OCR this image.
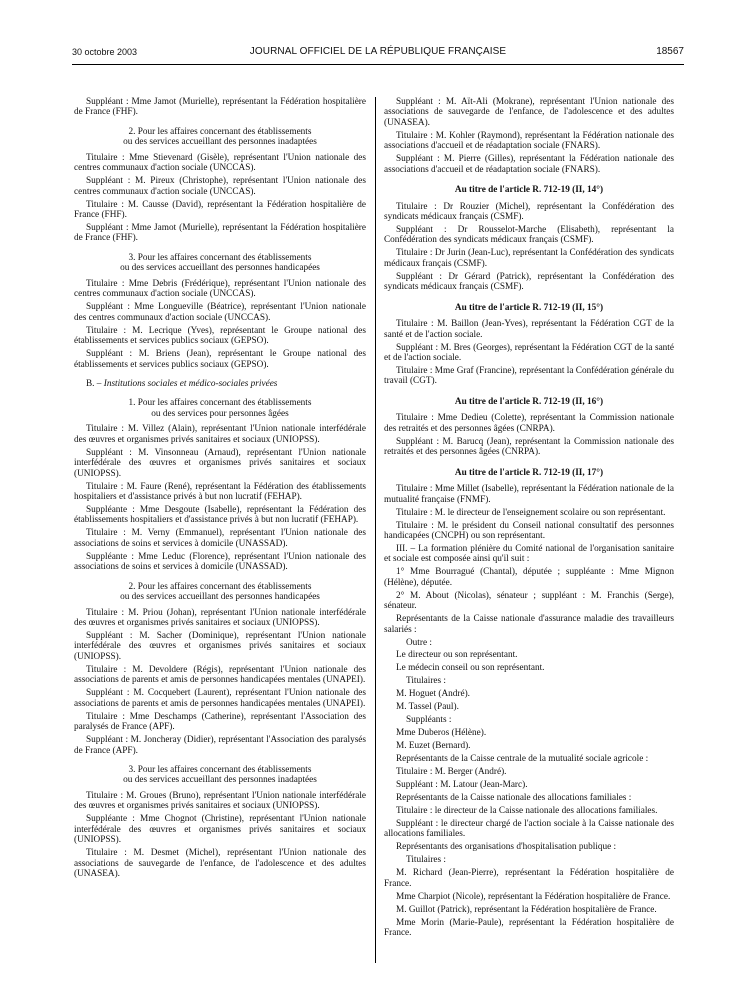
30 octobre 2003	JOURNAL OFFICIEL DE LA RÉPUBLIQUE FRANÇAISE	18567

Suppléant : Mme Jamot (Murielle), représentant la Fédération hospitalière de France (FHF).

2. Pour les affaires concernant des établissements
ou des services accueillant des personnes inadaptées

Titulaire : Mme Stievenard (Gisèle), représentant l'Union nationale des centres communaux d'action sociale (UNCCAS).

Suppléant : M. Pireux (Christophe), représentant l'Union nationale des centres communaux d'action sociale (UNCCAS).

Titulaire : M. Causse (David), représentant la Fédération hospitalière de France (FHF).

Suppléant : Mme Jamot (Murielle), représentant la Fédération hospitalière de France (FHF).

3. Pour les affaires concernant des établissements
ou des services accueillant des personnes handicapées

Titulaire : Mme Debris (Frédérique), représentant l'Union nationale des centres communaux d'action sociale (UNCCAS).

Suppléant : Mme Longueville (Béatrice), représentant l'Union nationale des centres communaux d'action sociale (UNCCAS).

Titulaire : M. Lecrique (Yves), représentant le Groupe national des établissements et services publics sociaux (GEPSO).

Suppléant : M. Briens (Jean), représentant le Groupe national des établissements et services publics sociaux (GEPSO).

B. – Institutions sociales et médico-sociales privées
1. Pour les affaires concernant des établissements
ou des services pour personnes âgées

Titulaire : M. Villez (Alain), représentant l'Union nationale interfédérale des œuvres et organismes privés sanitaires et sociaux (UNIOPSS).

Suppléant : M. Vinsonneau (Arnaud), représentant l'Union nationale interfédérale des œuvres et organismes privés sanitaires et sociaux (UNIOPSS).

Titulaire : M. Faure (René), représentant la Fédération des établissements hospitaliers et d'assistance privés à but non lucratif (FEHAP).

Suppléante : Mme Desgoute (Isabelle), représentant la Fédération des établissements hospitaliers et d'assistance privés à but non lucratif (FEHAP).

Titulaire : M. Verny (Emmanuel), représentant l'Union nationale des associations de soins et services à domicile (UNASSAD).

Suppléante : Mme Leduc (Florence), représentant l'Union nationale des associations de soins et services à domicile (UNASSAD).

2. Pour les affaires concernant des établissements
ou des services accueillant des personnes handicapées

Titulaire : M. Priou (Johan), représentant l'Union nationale interfédérale des œuvres et organismes privés sanitaires et sociaux (UNIOPSS).

Suppléant : M. Sacher (Dominique), représentant l'Union nationale interfédérale des œuvres et organismes privés sanitaires et sociaux (UNIOPSS).

Titulaire : M. Devoldere (Régis), représentant l'Union nationale des associations de parents et amis de personnes handicapées mentales (UNAPEI).

Suppléant : M. Cocquebert (Laurent), représentant l'Union nationale des associations de parents et amis de personnes handicapées mentales (UNAPEI).

Titulaire : Mme Deschamps (Catherine), représentant l'Association des paralysés de France (APF).

Suppléant : M. Joncheray (Didier), représentant l'Association des paralysés de France (APF).

3. Pour les affaires concernant des établissements
ou des services accueillant des personnes inadaptées

Titulaire : M. Groues (Bruno), représentant l'Union nationale interfédérale des œuvres et organismes privés sanitaires et sociaux (UNIOPSS).

Suppléante : Mme Chognot (Christine), représentant l'Union nationale interfédérale des œuvres et organismes privés sanitaires et sociaux (UNIOPSS).

Titulaire : M. Desmet (Michel), représentant l'Union nationale des associations de sauvegarde de l'enfance, de l'adolescence et des adultes (UNASEA).

Suppléant : M. Aït-Ali (Mokrane), représentant l'Union nationale des associations de sauvegarde de l'enfance, de l'adolescence et des adultes (UNASEA).

Titulaire : M. Kohler (Raymond), représentant la Fédération nationale des associations d'accueil et de réadaptation sociale (FNARS).

Suppléant : M. Pierre (Gilles), représentant la Fédération nationale des associations d'accueil et de réadaptation sociale (FNARS).

Au titre de l'article R. 712-19 (II, 14°)

Titulaire : Dr Rouzier (Michel), représentant la Confédération des syndicats médicaux français (CSMF).

Suppléant : Dr Rousselot-Marche (Elisabeth), représentant la Confédération des syndicats médicaux français (CSMF).

Titulaire : Dr Jurin (Jean-Luc), représentant la Confédération des syndicats médicaux français (CSMF).

Suppléant : Dr Gérard (Patrick), représentant la Confédération des syndicats médicaux français (CSMF).

Au titre de l'article R. 712-19 (II, 15°)

Titulaire : M. Baillon (Jean-Yves), représentant la Fédération CGT de la santé et de l'action sociale.

Suppléant : M. Bres (Georges), représentant la Fédération CGT de la santé et de l'action sociale.

Titulaire : Mme Graf (Francine), représentant la Confédération générale du travail (CGT).

Au titre de l'article R. 712-19 (II, 16°)

Titulaire : Mme Dedieu (Colette), représentant la Commission nationale des retraités et des personnes âgées (CNRPA).

Suppléant : M. Barucq (Jean), représentant la Commission nationale des retraités et des personnes âgées (CNRPA).

Au titre de l'article R. 712-19 (II, 17°)

Titulaire : Mme Millet (Isabelle), représentant la Fédération nationale de la mutualité française (FNMF).

Titulaire : M. le directeur de l'enseignement scolaire ou son représentant.

Titulaire : M. le président du Conseil national consultatif des personnes handicapées (CNCPH) ou son représentant.

III. – La formation plénière du Comité national de l'organisation sanitaire et sociale est composée ainsi qu'il suit :

1° Mme Bourragué (Chantal), députée ; suppléante : Mme Mignon (Hélène), députée.

2° M. About (Nicolas), sénateur ; suppléant : M. Franchis (Serge), sénateur.

Représentants de la Caisse nationale d'assurance maladie des travailleurs salariés :

Outre :

Le directeur ou son représentant.

Le médecin conseil ou son représentant.

Titulaires :

M. Hoguet (André).

M. Tassel (Paul).

Suppléants :

Mme Duberos (Hélène).

M. Euzet (Bernard).

Représentants de la Caisse centrale de la mutualité sociale agricole :

Titulaire : M. Berger (André).

Suppléant : M. Latour (Jean-Marc).

Représentants de la Caisse nationale des allocations familiales :

Titulaire : le directeur de la Caisse nationale des allocations familiales.

Suppléant : le directeur chargé de l'action sociale à la Caisse nationale des allocations familiales.

Représentants des organisations d'hospitalisation publique :

Titulaires :

M. Richard (Jean-Pierre), représentant la Fédération hospitalière de France.

Mme Charpiot (Nicole), représentant la Fédération hospitalière de France.

M. Guillot (Patrick), représentant la Fédération hospitalière de France.

Mme Morin (Marie-Paule), représentant la Fédération hospitalière de France.
